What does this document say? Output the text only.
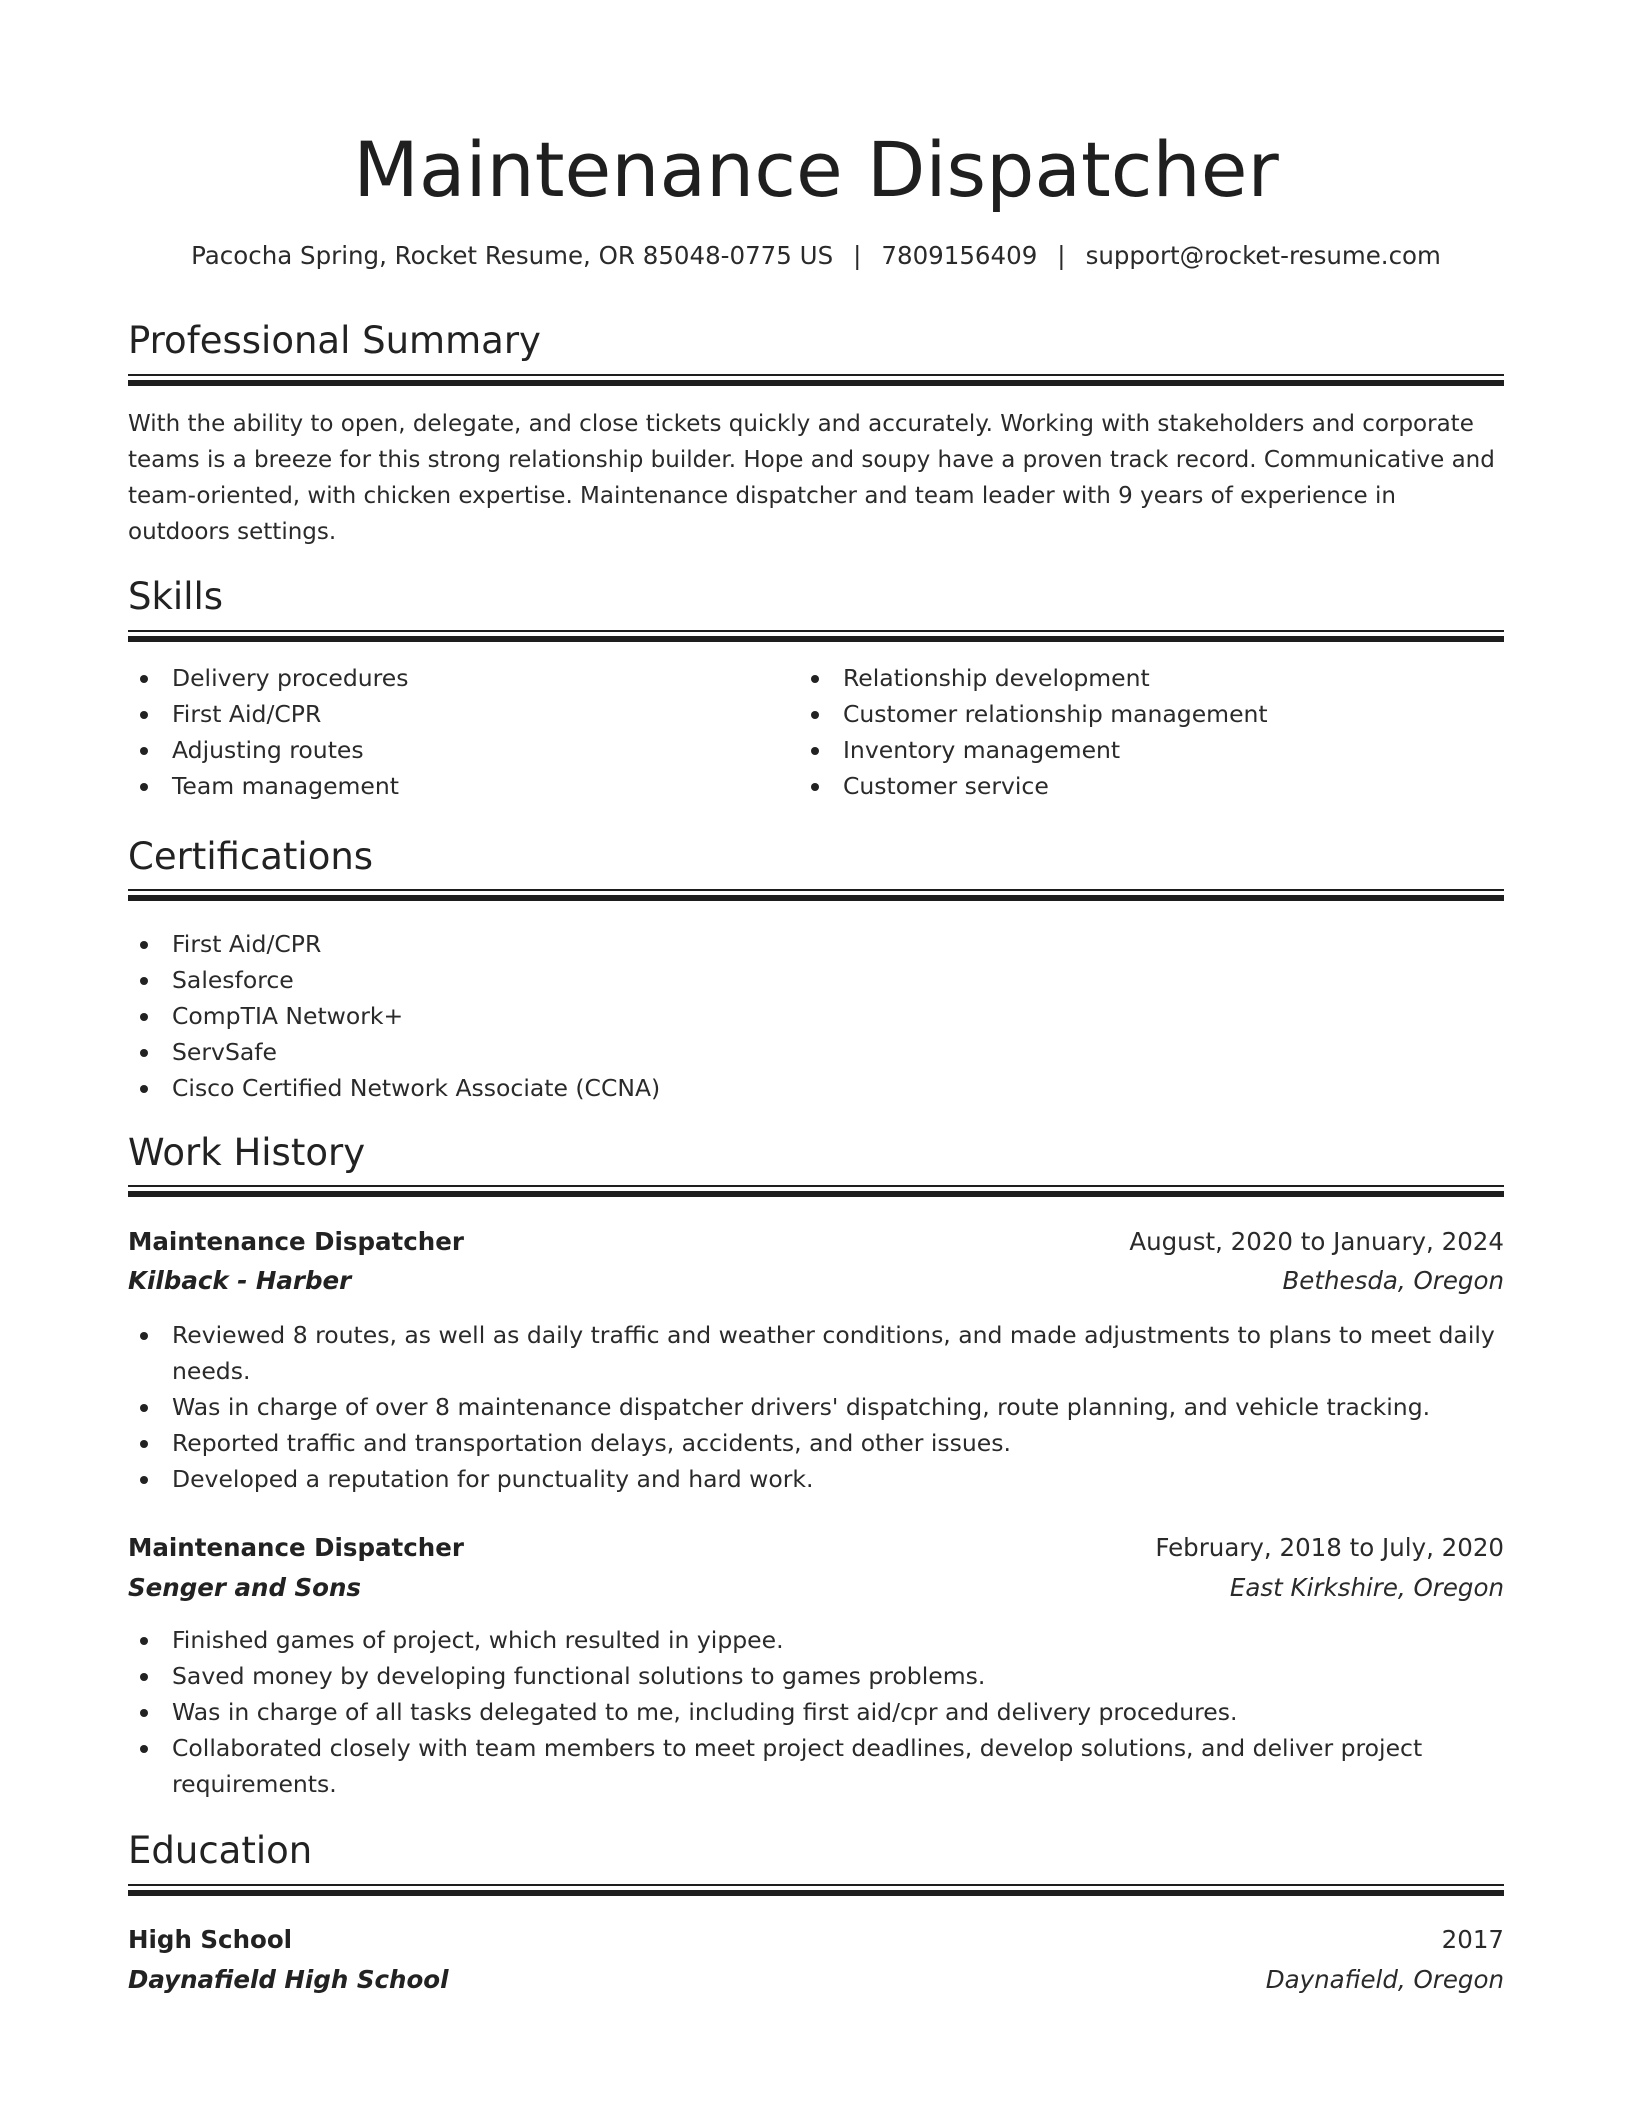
Maintenance Dispatcher
Pacocha Spring, Rocket Resume, OR 85048-0775 US | 7809156409 | support@rocket-resume.com
Professional Summary
With the ability to open, delegate, and close tickets quickly and accurately. Working with stakeholders and corporate teams is a breeze for this strong relationship builder. Hope and soupy have a proven track record. Communicative and team-oriented, with chicken expertise. Maintenance dispatcher and team leader with 9 years of experience in outdoors settings.
Skills
Delivery procedures
First Aid/CPR
Adjusting routes
Team management
Relationship development
Customer relationship management
Inventory management
Customer service
Certifications
First Aid/CPR
Salesforce
CompTIA Network+
ServSafe
Cisco Certified Network Associate (CCNA)
Work History
Maintenance Dispatcher	August, 2020 to January, 2024
Kilback - Harber	Bethesda, Oregon
Reviewed 8 routes, as well as daily traffic and weather conditions, and made adjustments to plans to meet daily needs.
Was in charge of over 8 maintenance dispatcher drivers' dispatching, route planning, and vehicle tracking.
Reported traffic and transportation delays, accidents, and other issues.
Developed a reputation for punctuality and hard work.
Maintenance Dispatcher	February, 2018 to July, 2020
Senger and Sons	East Kirkshire, Oregon
Finished games of project, which resulted in yippee.
Saved money by developing functional solutions to games problems.
Was in charge of all tasks delegated to me, including first aid/cpr and delivery procedures.
Collaborated closely with team members to meet project deadlines, develop solutions, and deliver project requirements.
Education
High School	2017
Daynafield High School	Daynafield, Oregon
